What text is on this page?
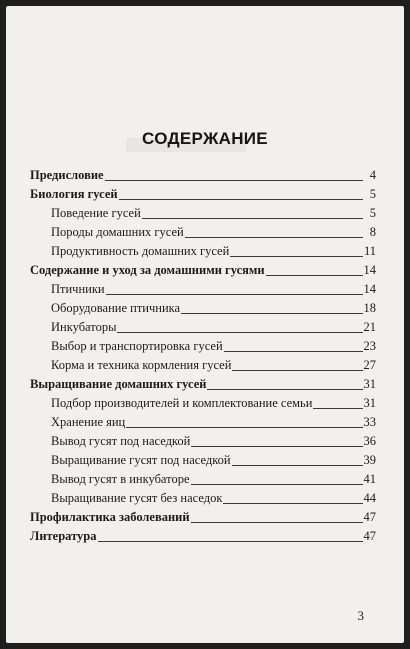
СОДЕРЖАНИЕ
Предисловие	4
Биология гусей	5
Поведение гусей	5
Породы домашних гусей	8
Продуктивность домашних гусей	11
Содержание и уход за домашними гусями	14
Птичники	14
Оборудование птичника	18
Инкубаторы	21
Выбор и транспортировка гусей	23
Корма и техника кормления гусей	27
Выращивание домашних гусей	31
Подбор производителей и комплектование семьи	31
Хранение яиц	33
Вывод гусят под наседкой	36
Выращивание гусят под наседкой	39
Вывод гусят в инкубаторе	41
Выращивание гусят без наседок	44
Профилактика заболеваний	47
Литература	47
3
